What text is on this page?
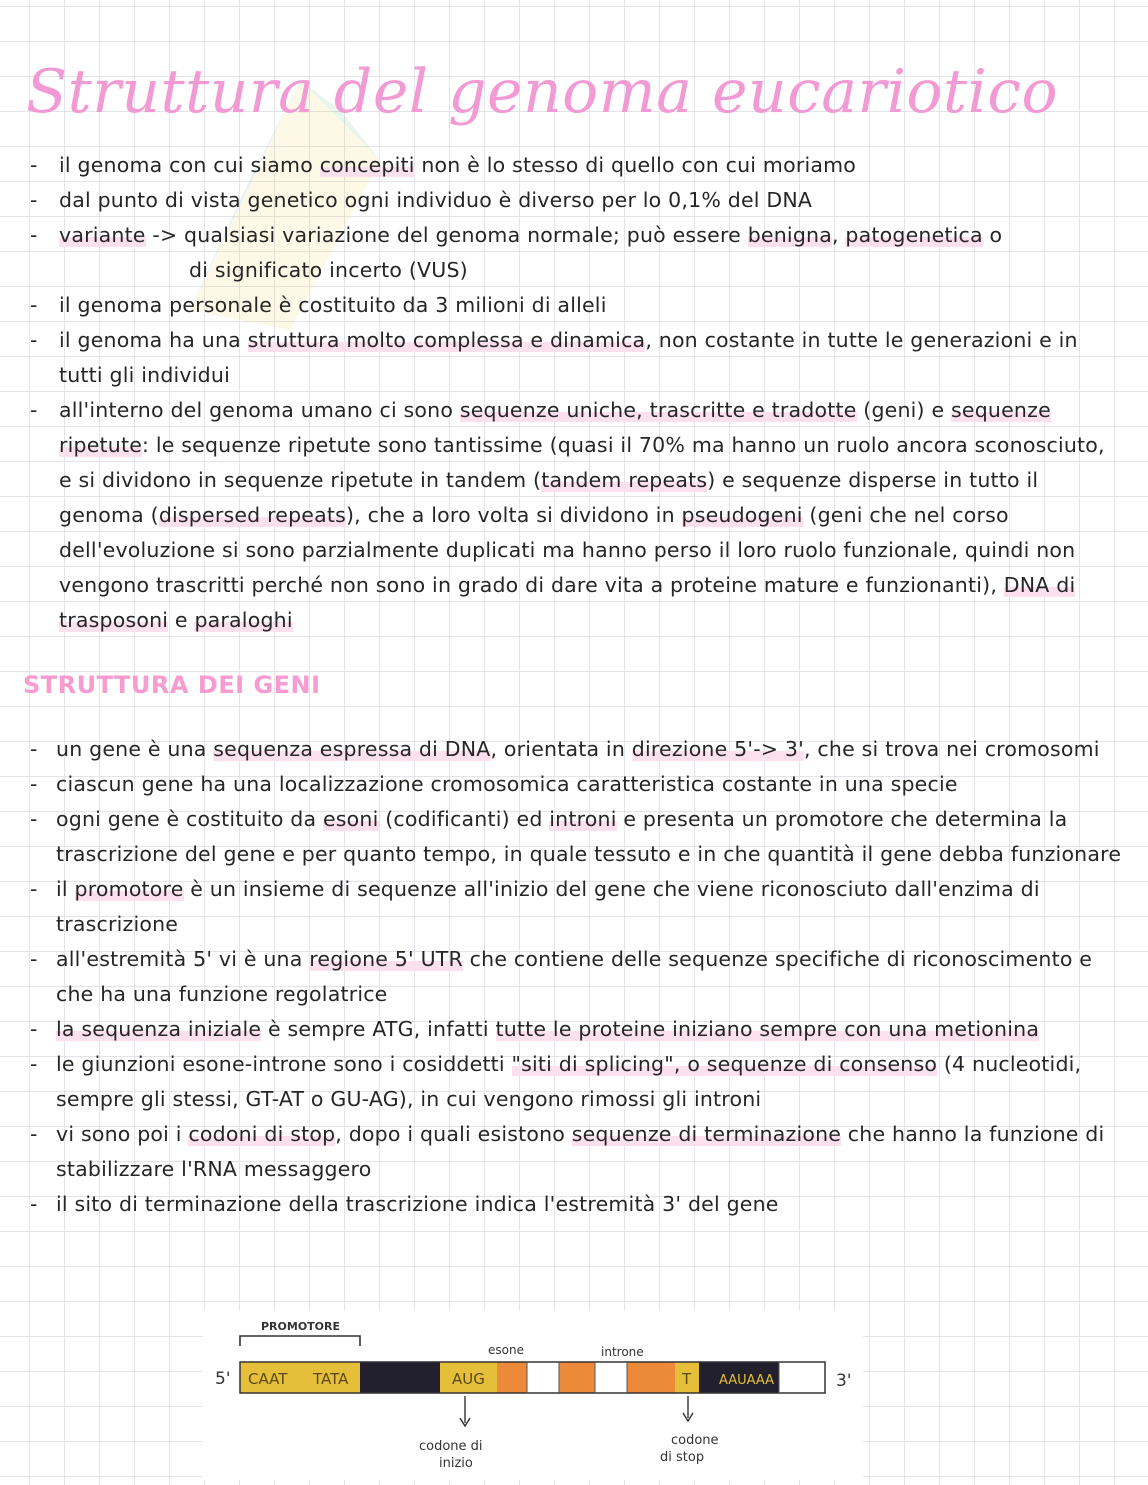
Struttura del genoma eucariotico
- il genoma con cui siamo concepiti non è lo stesso di quello con cui moriamo
- dal punto di vista genetico ogni individuo è diverso per lo 0,1% del DNA
- variante -> qualsiasi variazione del genoma normale; può essere benigna, patogenetica o
di significato incerto (VUS)
- il genoma personale è costituito da 3 milioni di alleli
- il genoma ha una struttura molto complessa e dinamica, non costante in tutte le generazioni e in tutti gli individui
- all'interno del genoma umano ci sono sequenze uniche, trascritte e tradotte (geni) e sequenze ripetute: le sequenze ripetute sono tantissime (quasi il 70% ma hanno un ruolo ancora sconosciuto, e si dividono in sequenze ripetute in tandem (tandem repeats) e sequenze disperse in tutto il genoma (dispersed repeats), che a loro volta si dividono in pseudogeni (geni che nel corso dell'evoluzione si sono parzialmente duplicati ma hanno perso il loro ruolo funzionale, quindi non vengono trascritti perché non sono in grado di dare vita a proteine mature e funzionanti), DNA di trasposoni e paraloghi
STRUTTURA DEI GENI
- un gene è una sequenza espressa di DNA, orientata in direzione 5'-> 3', che si trova nei cromosomi
- ciascun gene ha una localizzazione cromosomica caratteristica costante in una specie
- ogni gene è costituito da esoni (codificanti) ed introni e presenta un promotore che determina la trascrizione del gene e per quanto tempo, in quale tessuto e in che quantità il gene debba funzionare
- il promotore è un insieme di sequenze all'inizio del gene che viene riconosciuto dall'enzima di trascrizione
- all'estremità 5' vi è una regione 5' UTR che contiene delle sequenze specifiche di riconoscimento e che ha una funzione regolatrice
- la sequenza iniziale è sempre ATG, infatti tutte le proteine iniziano sempre con una metionina
- le giunzioni esone-introne sono i cosiddetti "siti di splicing", o sequenze di consenso (4 nucleotidi, sempre gli stessi, GT-AT o GU-AG), in cui vengono rimossi gli introni
- vi sono poi i codoni di stop, dopo i quali esistono sequenze di terminazione che hanno la funzione di stabilizzare l'RNA messaggero
- il sito di terminazione della trascrizione indica l'estremità 3' del gene
PROMOTORE
5'	3'
esone	introne
CAAT TATA	AUG	T AAUAAA
codone di
inizio
codone
di stop
